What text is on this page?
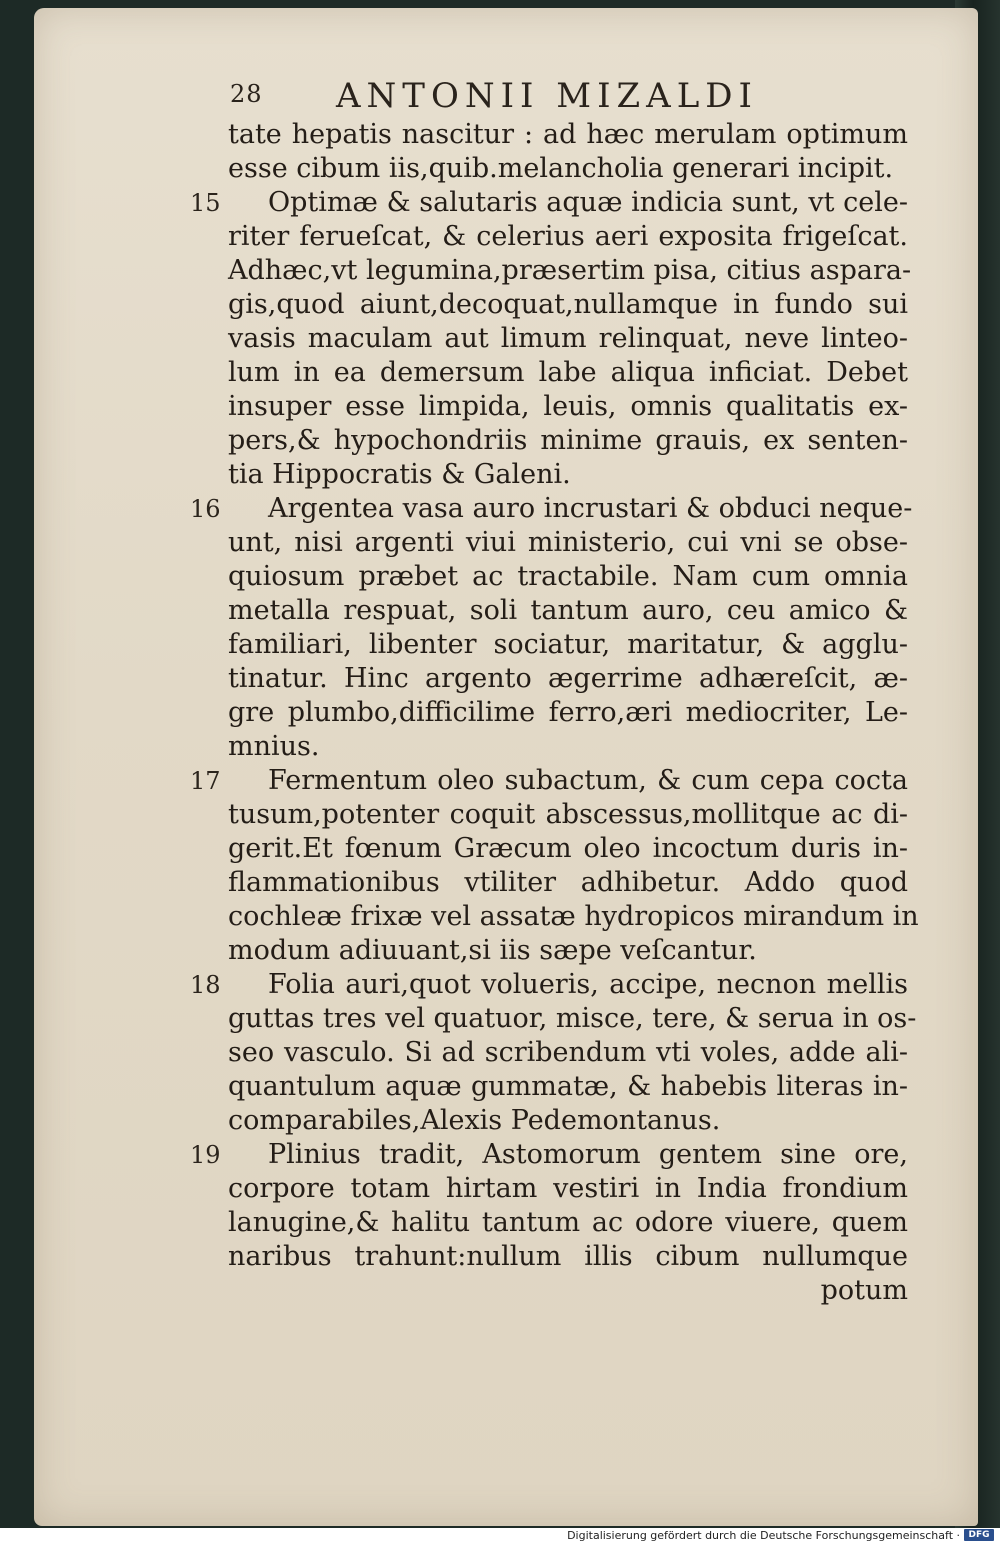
28 ANTONII MIZALDI
tate hepatis nascitur : ad hæc merulam optimum
esse cibum iis,quib.melancholia generari incipit.
15	Optimæ & salutaris aquæ indicia sunt, vt cele-
riter ferueſcat, & celerius aeri exposita frigeſcat.
Adhæc,vt legumina,præsertim pisa, citius aspara-
gis,quod aiunt,decoquat,nullamque in fundo sui
vasis maculam aut limum relinquat, neve linteo-
lum in ea demersum labe aliqua inficiat. Debet
insuper esse limpida, leuis, omnis qualitatis ex-
pers,& hypochondriis minime grauis, ex senten-
tia Hippocratis & Galeni.
16	Argentea vasa auro incrustari & obduci neque-
unt, nisi argenti viui ministerio, cui vni se obse-
quiosum præbet ac tractabile. Nam cum omnia
metalla respuat, soli tantum auro, ceu amico &
familiari, libenter sociatur, maritatur, & agglu-
tinatur. Hinc argento ægerrime adhæreſcit, æ-
gre plumbo,difficilime ferro,æri mediocriter, Le-
mnius.
17	Fermentum oleo subactum, & cum cepa cocta
tusum,potenter coquit abscessus,mollitque ac di-
gerit.Et fœnum Græcum oleo incoctum duris in-
flammationibus vtiliter adhibetur. Addo quod
cochleæ frixæ vel assatæ hydropicos mirandum in
modum adiuuant,si iis sæpe veſcantur.
18	Folia auri,quot volueris, accipe, necnon mellis
guttas tres vel quatuor, misce, tere, & serua in os-
seo vasculo. Si ad scribendum vti voles, adde ali-
quantulum aquæ gummatæ, & habebis literas in-
comparabiles,Alexis Pedemontanus.
19	Plinius tradit, Astomorum gentem sine ore,
corpore totam hirtam vestiri in India frondium
lanugine,& halitu tantum ac odore viuere, quem
naribus trahunt:nullum illis cibum nullumque
potum
Digitalisierung gefördert durch die Deutsche Forschungsgemeinschaft · DFG
